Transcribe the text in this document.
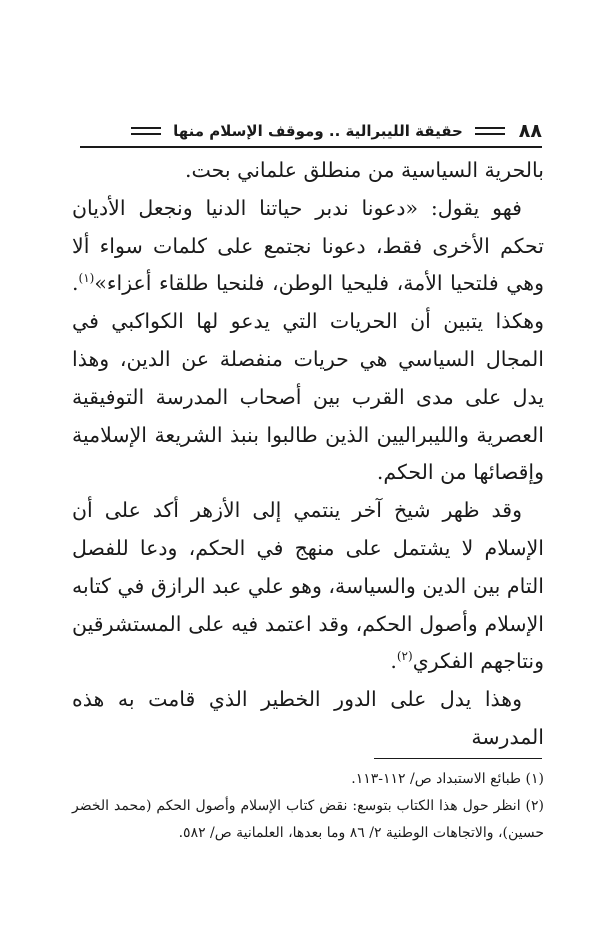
٨٨
حقيقة الليبرالية .. وموقف الإسلام منها

بالحرية السياسية من منطلق علماني بحت.

فهو يقول: «دعونا ندبر حياتنا الدنيا ونجعل الأديان تحكم الأخرى فقط، دعونا نجتمع على كلمات سواء ألا وهي فلتحيا الأمة، فليحيا الوطن، فلنحيا طلقاء أعزاء»$^{(١)}$. وهكذا يتبين أن الحريات التي يدعو لها الكواكبي في المجال السياسي هي حريات منفصلة عن الدين، وهذا يدل على مدى القرب بين أصحاب المدرسة التوفيقية العصرية والليبراليين الذين طالبوا بنبذ الشريعة الإسلامية وإقصائها من الحكم.

وقد ظهر شيخ آخر ينتمي إلى الأزهر أكد على أن الإسلام لا يشتمل على منهج في الحكم، ودعا للفصل التام بين الدين والسياسة، وهو علي عبد الرازق في كتابه الإسلام وأصول الحكم، وقد اعتمد فيه على المستشرقين ونتاجهم الفكري$^{(٢)}$.

وهذا يدل على الدور الخطير الذي قامت به هذه المدرسة

(١) طبائع الاستبداد ص/ ١١٢-١١٣.

(٢) انظر حول هذا الكتاب بتوسع: نقض كتاب الإسلام وأصول الحكم (محمد الخضر حسين)، والاتجاهات الوطنية ٢/ ٨٦ وما بعدها، العلمانية ص/ ٥٨٢.
